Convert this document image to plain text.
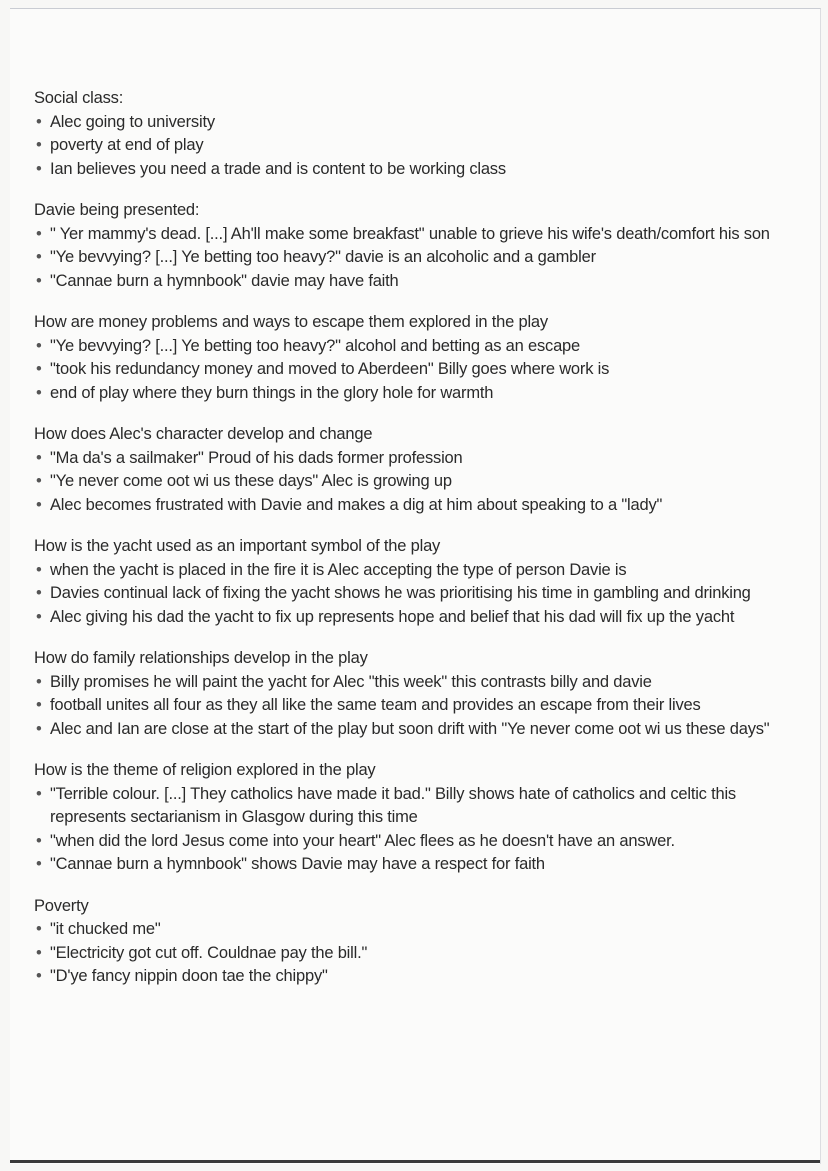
Social class:

• Alec going to university
• poverty at end of play
• Ian believes you need a trade and is content to be working class

Davie being presented:

• " Yer mammy's dead. [...] Ah'll make some breakfast" unable to grieve his wife's death/comfort his son
• "Ye bevvying? [...] Ye betting too heavy?" davie is an alcoholic and a gambler
• "Cannae burn a hymnbook" davie may have faith

How are money problems and ways to escape them explored in the play

• "Ye bevvying? [...] Ye betting too heavy?" alcohol and betting as an escape
• "took his redundancy money and moved to Aberdeen" Billy goes where work is
• end of play where they burn things in the glory hole for warmth

How does Alec's character develop and change

• "Ma da's a sailmaker" Proud of his dads former profession
• "Ye never come oot wi us these days" Alec is growing up
• Alec becomes frustrated with Davie and makes a dig at him about speaking to a "lady"

How is the yacht used as an important symbol of the play

• when the yacht is placed in the fire it is Alec accepting the type of person Davie is
• Davies continual lack of fixing the yacht shows he was prioritising his time in gambling and drinking
• Alec giving his dad the yacht to fix up represents hope and belief that his dad will fix up the yacht

How do family relationships develop in the play

• Billy promises he will paint the yacht for Alec "this week" this contrasts billy and davie
• football unites all four as they all like the same team and provides an escape from their lives
• Alec and Ian are close at the start of the play but soon drift with "Ye never come oot wi us these days"

How is the theme of religion explored in the play

• "Terrible colour. [...] They catholics have made it bad." Billy shows hate of catholics and celtic this represents sectarianism in Glasgow during this time
• "when did the lord Jesus come into your heart" Alec flees as he doesn't have an answer.
• "Cannae burn a hymnbook" shows Davie may have a respect for faith

Poverty

• "it chucked me"
• "Electricity got cut off. Couldnae pay the bill."
• "D'ye fancy nippin doon tae the chippy"
